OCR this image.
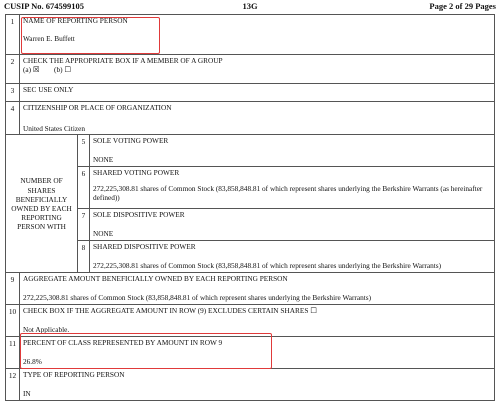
CUSIP No. 674599105	13G	Page 2 of 29 Pages
1	NAME OF REPORTING PERSON
Warren E. Buffett		
2	CHECK THE APPROPRIATE BOX IF A MEMBER OF A GROUP
(a) ☒        (b) ☐		
3	SEC USE ONLY		
4	CITIZENSHIP OR PLACE OF ORGANIZATION
United States Citizen		
NUMBER OF SHARES BENEFICIALLY OWNED BY EACH REPORTING PERSON WITH		5	SOLE VOTING POWER
NONE
		6	SHARED VOTING POWER
272,225,308.81 shares of Common Stock (83,858,848.81 of which represent shares underlying the Berkshire Warrants (as hereinafter defined))
		7	SOLE DISPOSITIVE POWER
NONE
		8	SHARED DISPOSITIVE POWER
272,225,308.81 shares of Common Stock (83,858,848.81 of which represent shares underlying the Berkshire Warrants)
9	AGGREGATE AMOUNT BENEFICIALLY OWNED BY EACH REPORTING PERSON
272,225,308.81 shares of Common Stock (83,858,848.81 of which represent shares underlying the Berkshire Warrants)		
10	CHECK BOX IF THE AGGREGATE AMOUNT IN ROW (9) EXCLUDES CERTAIN SHARES ☐
Not Applicable.		
11	PERCENT OF CLASS REPRESENTED BY AMOUNT IN ROW 9
26.8%		
12	TYPE OF REPORTING PERSON
IN		
